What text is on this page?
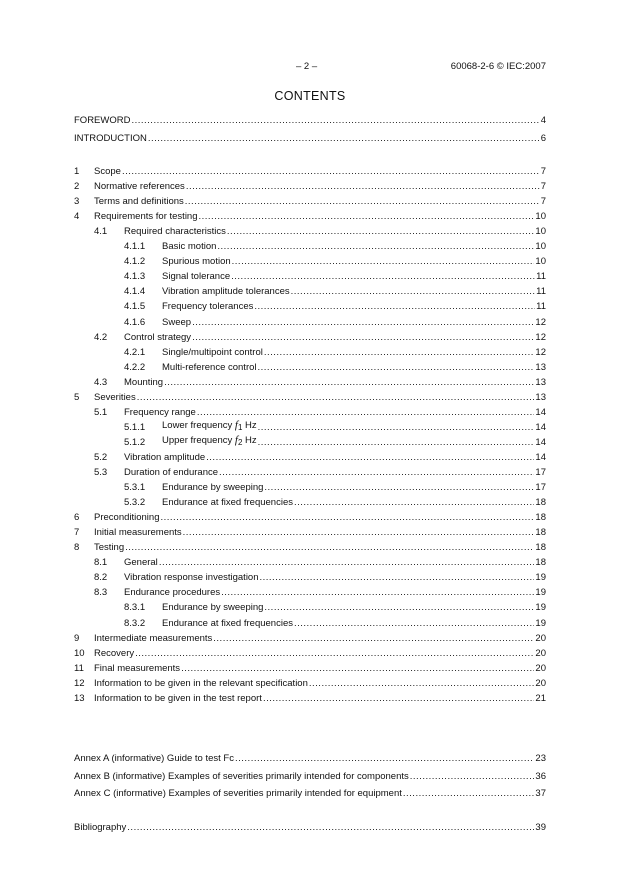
– 2 –	60068-2-6 © IEC:2007
CONTENTS
FOREWORD .....	4
INTRODUCTION .....	6
1 Scope .....	7
2 Normative references .....	7
3 Terms and definitions .....	7
4 Requirements for testing .....	10
4.1 Required characteristics .....	10
4.1.1 Basic motion .....	10
4.1.2 Spurious motion .....	10
4.1.3 Signal tolerance .....	11
4.1.4 Vibration amplitude tolerances .....	11
4.1.5 Frequency tolerances .....	11
4.1.6 Sweep .....	12
4.2 Control strategy .....	12
4.2.1 Single/multipoint control .....	12
4.2.2 Multi-reference control .....	13
4.3 Mounting .....	13
5 Severities .....	13
5.1 Frequency range .....	14
5.1.1 Lower frequency $f_1$ Hz .....	14
5.1.2 Upper frequency $f_2$ Hz .....	14
5.2 Vibration amplitude .....	14
5.3 Duration of endurance .....	17
5.3.1 Endurance by sweeping .....	17
5.3.2 Endurance at fixed frequencies .....	18
6 Preconditioning .....	18
7 Initial measurements .....	18
8 Testing .....	18
8.1 General .....	18
8.2 Vibration response investigation .....	19
8.3 Endurance procedures .....	19
8.3.1 Endurance by sweeping .....	19
8.3.2 Endurance at fixed frequencies .....	19
9 Intermediate measurements .....	20
10 Recovery .....	20
11 Final measurements .....	20
12 Information to be given in the relevant specification .....	20
13 Information to be given in the test report .....	21
Annex A (informative) Guide to test Fc .....	23
Annex B (informative) Examples of severities primarily intended for components .....	36
Annex C (informative) Examples of severities primarily intended for equipment .....	37
Bibliography .....	39
